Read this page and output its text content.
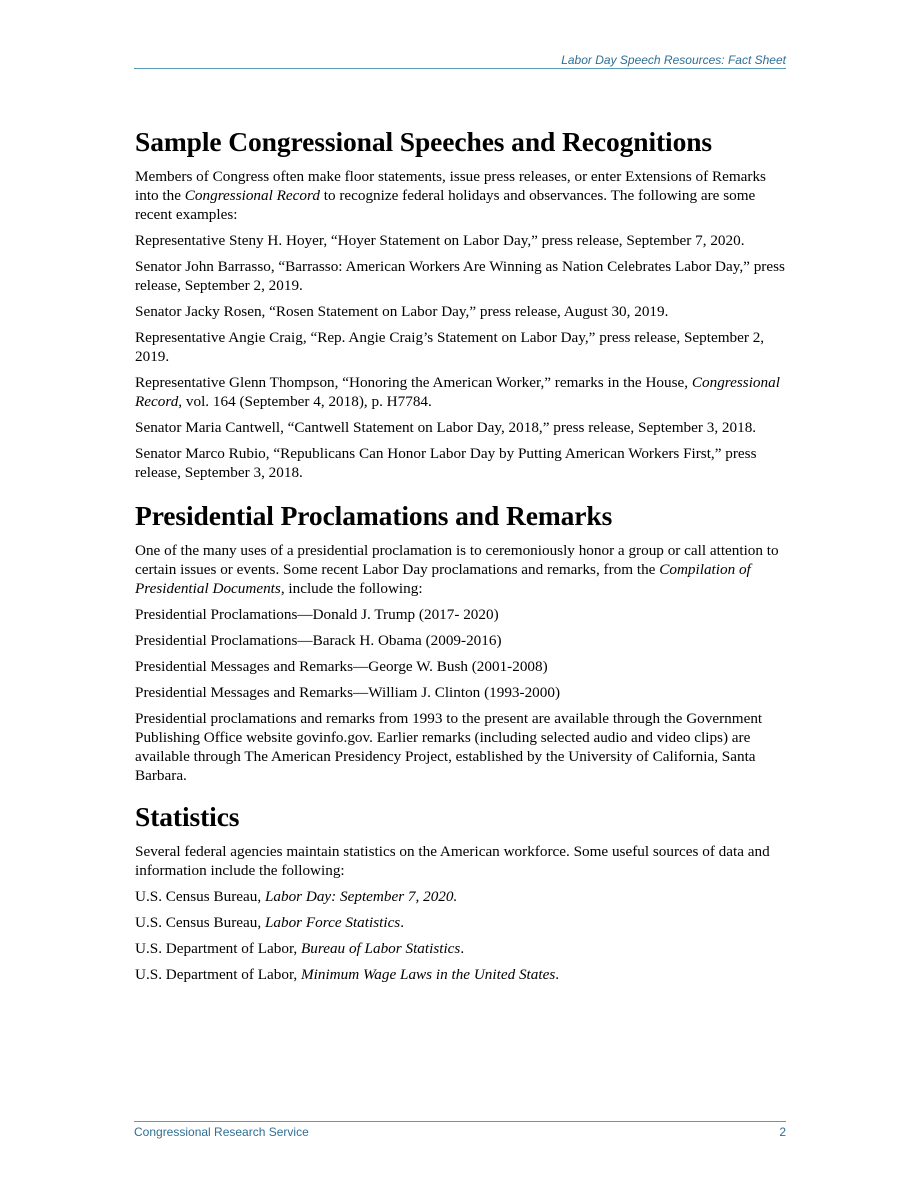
Labor Day Speech Resources: Fact Sheet
Sample Congressional Speeches and Recognitions

Members of Congress often make floor statements, issue press releases, or enter Extensions of Remarks into the Congressional Record to recognize federal holidays and observances. The following are some recent examples:

Representative Steny H. Hoyer, “Hoyer Statement on Labor Day,” press release, September 7, 2020.

Senator John Barrasso, “Barrasso: American Workers Are Winning as Nation Celebrates Labor Day,” press release, September 2, 2019.

Senator Jacky Rosen, “Rosen Statement on Labor Day,” press release, August 30, 2019.

Representative Angie Craig, “Rep. Angie Craig’s Statement on Labor Day,” press release, September 2, 2019.

Representative Glenn Thompson, “Honoring the American Worker,” remarks in the House, Congressional Record, vol. 164 (September 4, 2018), p. H7784.

Senator Maria Cantwell, “Cantwell Statement on Labor Day, 2018,” press release, September 3, 2018.

Senator Marco Rubio, “Republicans Can Honor Labor Day by Putting American Workers First,” press release, September 3, 2018.

Presidential Proclamations and Remarks

One of the many uses of a presidential proclamation is to ceremoniously honor a group or call attention to certain issues or events. Some recent Labor Day proclamations and remarks, from the Compilation of Presidential Documents, include the following:

Presidential Proclamations—Donald J. Trump (2017- 2020)

Presidential Proclamations—Barack H. Obama (2009-2016)

Presidential Messages and Remarks—George W. Bush (2001-2008)

Presidential Messages and Remarks—William J. Clinton (1993-2000)

Presidential proclamations and remarks from 1993 to the present are available through the Government Publishing Office website govinfo.gov. Earlier remarks (including selected audio and video clips) are available through The American Presidency Project, established by the University of California, Santa Barbara.

Statistics

Several federal agencies maintain statistics on the American workforce. Some useful sources of data and information include the following:

U.S. Census Bureau, Labor Day: September 7, 2020.

U.S. Census Bureau, Labor Force Statistics.

U.S. Department of Labor, Bureau of Labor Statistics.

U.S. Department of Labor, Minimum Wage Laws in the United States.

Congressional Research Service	2
